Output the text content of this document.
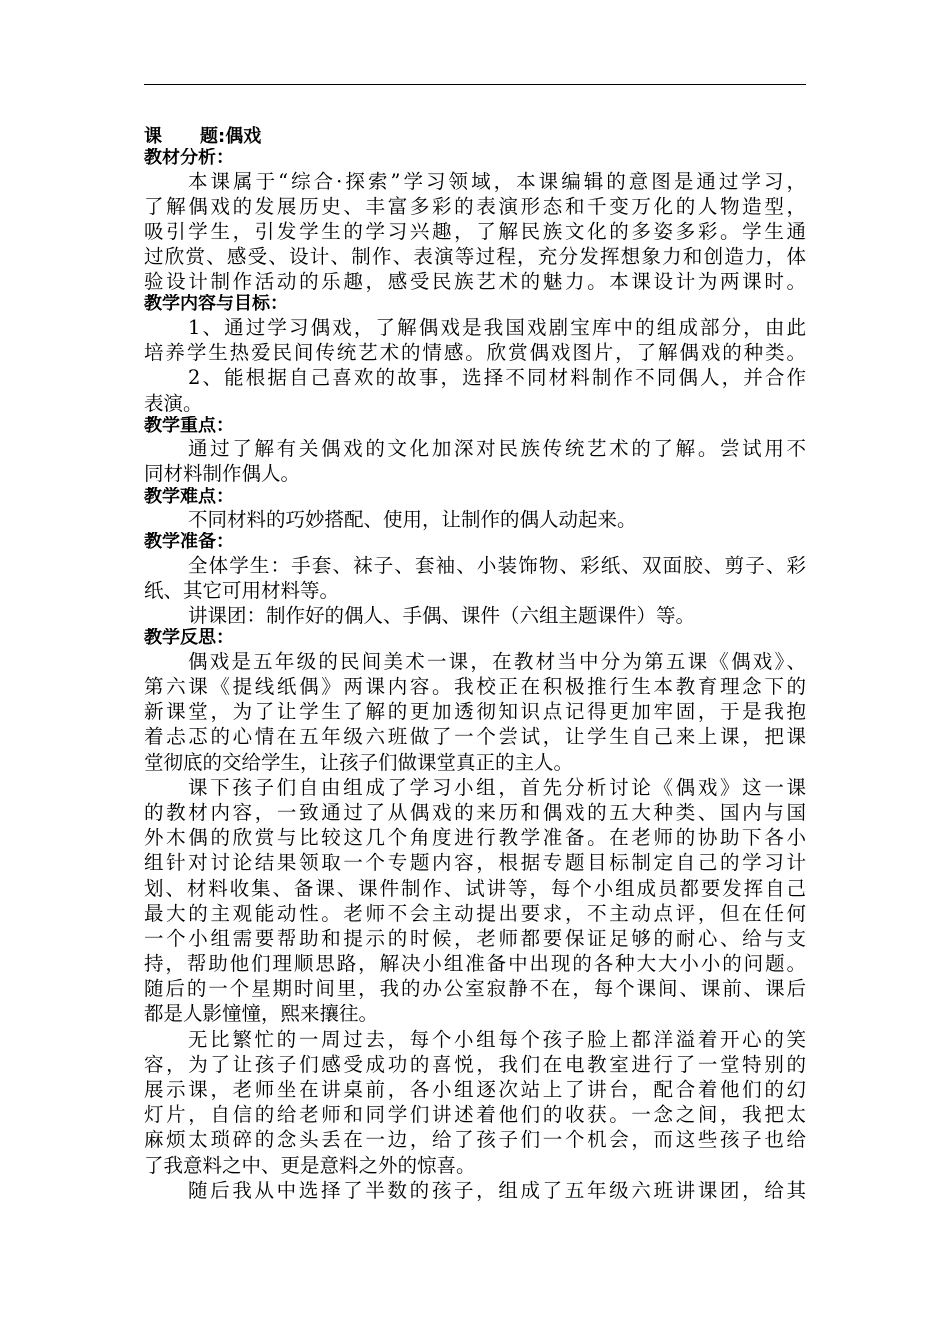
课 题:偶戏
教材分析：
本课属于“综合·探索”学习领域，本课编辑的意图是通过学习，
了解偶戏的发展历史、丰富多彩的表演形态和千变万化的人物造型，
吸引学生，引发学生的学习兴趣，了解民族文化的多姿多彩。学生通
过欣赏、感受、设计、制作、表演等过程，充分发挥想象力和创造力，体
验设计制作活动的乐趣，感受民族艺术的魅力。本课设计为两课时。
教学内容与目标：
1、通过学习偶戏，了解偶戏是我国戏剧宝库中的组成部分，由此
培养学生热爱民间传统艺术的情感。欣赏偶戏图片，了解偶戏的种类。
2、能根据自己喜欢的故事，选择不同材料制作不同偶人，并合作
表演。
教学重点：
通过了解有关偶戏的文化加深对民族传统艺术的了解。尝试用不
同材料制作偶人。
教学难点：
不同材料的巧妙搭配、使用，让制作的偶人动起来。
教学准备：
全体学生：手套、袜子、套袖、小装饰物、彩纸、双面胶、剪子、彩
纸、其它可用材料等。
讲课团：制作好的偶人、手偶、课件（六组主题课件）等。
教学反思：
偶戏是五年级的民间美术一课，在教材当中分为第五课《偶戏》、
第六课《提线纸偶》两课内容。我校正在积极推行生本教育理念下的
新课堂，为了让学生了解的更加透彻知识点记得更加牢固，于是我抱
着忐忑的心情在五年级六班做了一个尝试，让学生自己来上课，把课
堂彻底的交给学生，让孩子们做课堂真正的主人。
课下孩子们自由组成了学习小组，首先分析讨论《偶戏》这一课
的教材内容，一致通过了从偶戏的来历和偶戏的五大种类、国内与国
外木偶的欣赏与比较这几个角度进行教学准备。在老师的协助下各小
组针对讨论结果领取一个专题内容，根据专题目标制定自己的学习计
划、材料收集、备课、课件制作、试讲等，每个小组成员都要发挥自己
最大的主观能动性。老师不会主动提出要求，不主动点评，但在任何
一个小组需要帮助和提示的时候，老师都要保证足够的耐心、给与支
持，帮助他们理顺思路，解决小组准备中出现的各种大大小小的问题。
随后的一个星期时间里，我的办公室寂静不在，每个课间、课前、课后
都是人影憧憧，熙来攘往。
无比繁忙的一周过去，每个小组每个孩子脸上都洋溢着开心的笑
容，为了让孩子们感受成功的喜悦，我们在电教室进行了一堂特别的
展示课，老师坐在讲桌前，各小组逐次站上了讲台，配合着他们的幻
灯片，自信的给老师和同学们讲述着他们的收获。一念之间，我把太
麻烦太琐碎的念头丢在一边，给了孩子们一个机会，而这些孩子也给
了我意料之中、更是意料之外的惊喜。
随后我从中选择了半数的孩子，组成了五年级六班讲课团，给其
